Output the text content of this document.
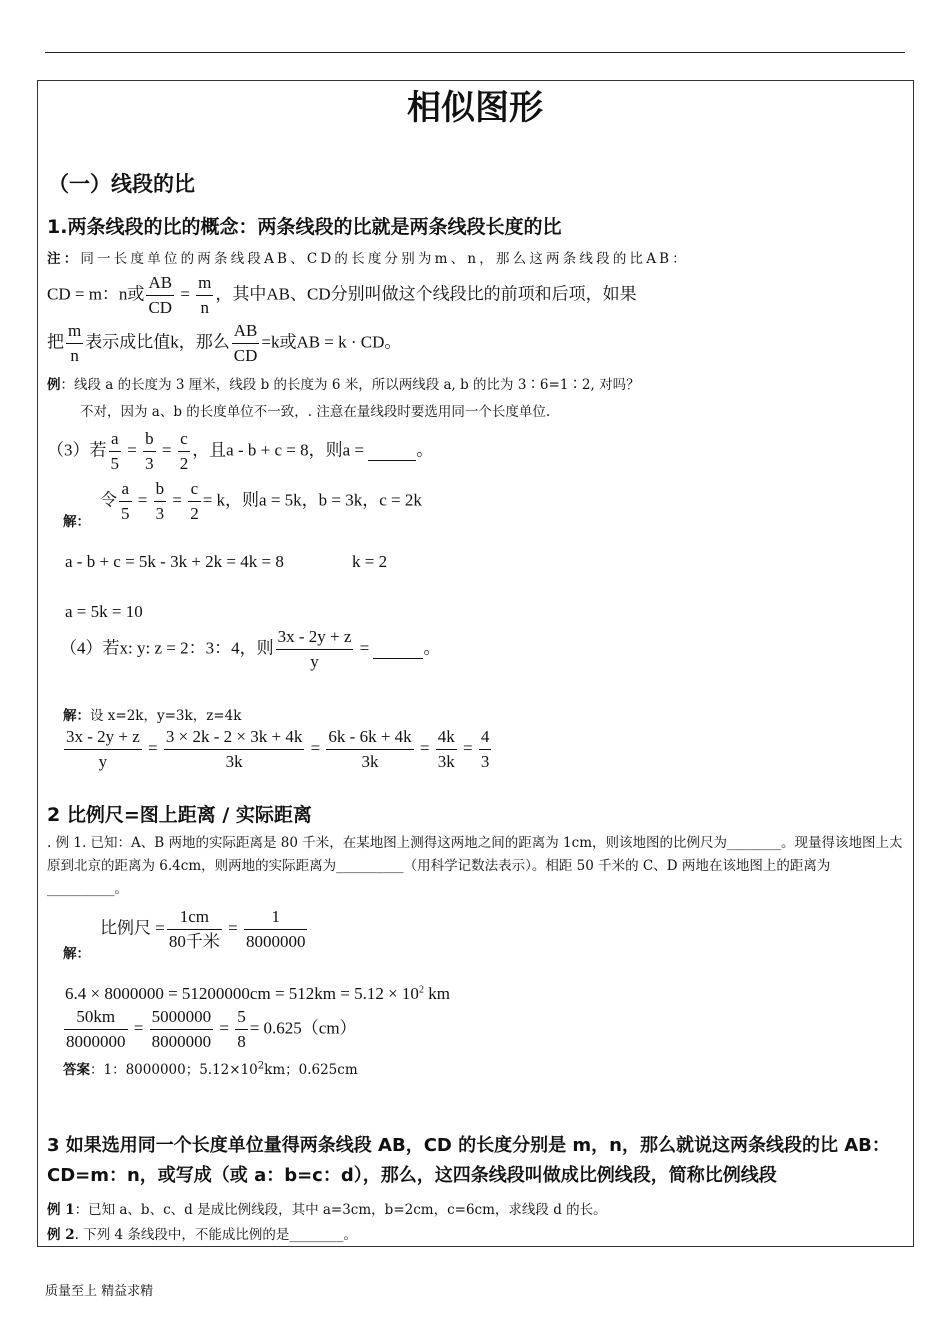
相似图形
（一）线段的比
1.两条线段的比的概念：两条线段的比就是两条线段长度的比
注：同一长度单位的两条线段AB、CD的长度分别为m、n，那么这两条线段的比AB：
CD = m：n或 $\frac{AB}{CD} = \frac{m}{n}$ ，其中AB、CD分别叫做这个线段比的前项和后项，如果
把 $\frac{m}{n}$ 表示成比值k，那么 $\frac{AB}{CD} =k$或AB = k · CD。
例：线段 a 的长度为 3 厘米，线段 b 的长度为 6 米，所以两线段 a, b 的比为 3∶6=1∶2, 对吗？
不对，因为 a、b 的长度单位不一致，. 注意在量线段时要选用同一个长度单位.
（3）若 $\frac{a}{5} = \frac{b}{3} = \frac{c}{2}$ ，且a - b + c = 8，则a =	。
令 $\frac{a}{5} = \frac{b}{3} = \frac{c}{2} = k$，则a = 5k，b = 3k，c = 2k
解：
a - b + c = 5k - 3k + 2k = 4k = 8	k = 2
a = 5k = 10
（4）若x: y: z = 2：3：4，则 $\frac{3x - 2y + z}{y}$ =	。
解：设 x=2k，y=3k，z=4k
$\frac{3x - 2y + z}{y} = \frac{3 \times 2k - 2 \times 3k + 4k}{3k} = \frac{6k - 6k + 4k}{3k} = \frac{4k}{3k} = \frac{4}{3}$
2 比例尺=图上距离 / 实际距离
. 例 1. 已知：A、B 两地的实际距离是 80 千米，在某地图上测得这两地之间的距离为 1cm，则该地图的比例尺为________。现量得该地图上太原到北京的距离为 6.4cm，则两地的实际距离为__________（用科学记数法表示）。相距 50 千米的 C、D 两地在该地图上的距离为__________。
比例尺 = $\frac{1cm}{\text{80千米}} = \frac{1}{8000000}$
解：
$6.4 \times 8000000 = 51200000cm = 512km = 5.12 \times 10^2$ km
$\frac{50km}{8000000} = \frac{5000000}{8000000} = \frac{5}{8} = 0.625(cm)$
答案：1：8000000；$5.12\times 10^2km$；0.625cm
3 如果选用同一个长度单位量得两条线段 AB，CD 的长度分别是 m，n，那么就说这两条线段的比 AB：CD=m：n，或写成（或 a：b=c：d），那么，这四条线段叫做成比例线段，简称比例线段
例 1：已知 a、b、c、d 是成比例线段，其中 a=3cm，b=2cm，c=6cm，求线段 d 的长。
例 2. 下列 4 条线段中，不能成比例的是________。
质量至上 精益求精
